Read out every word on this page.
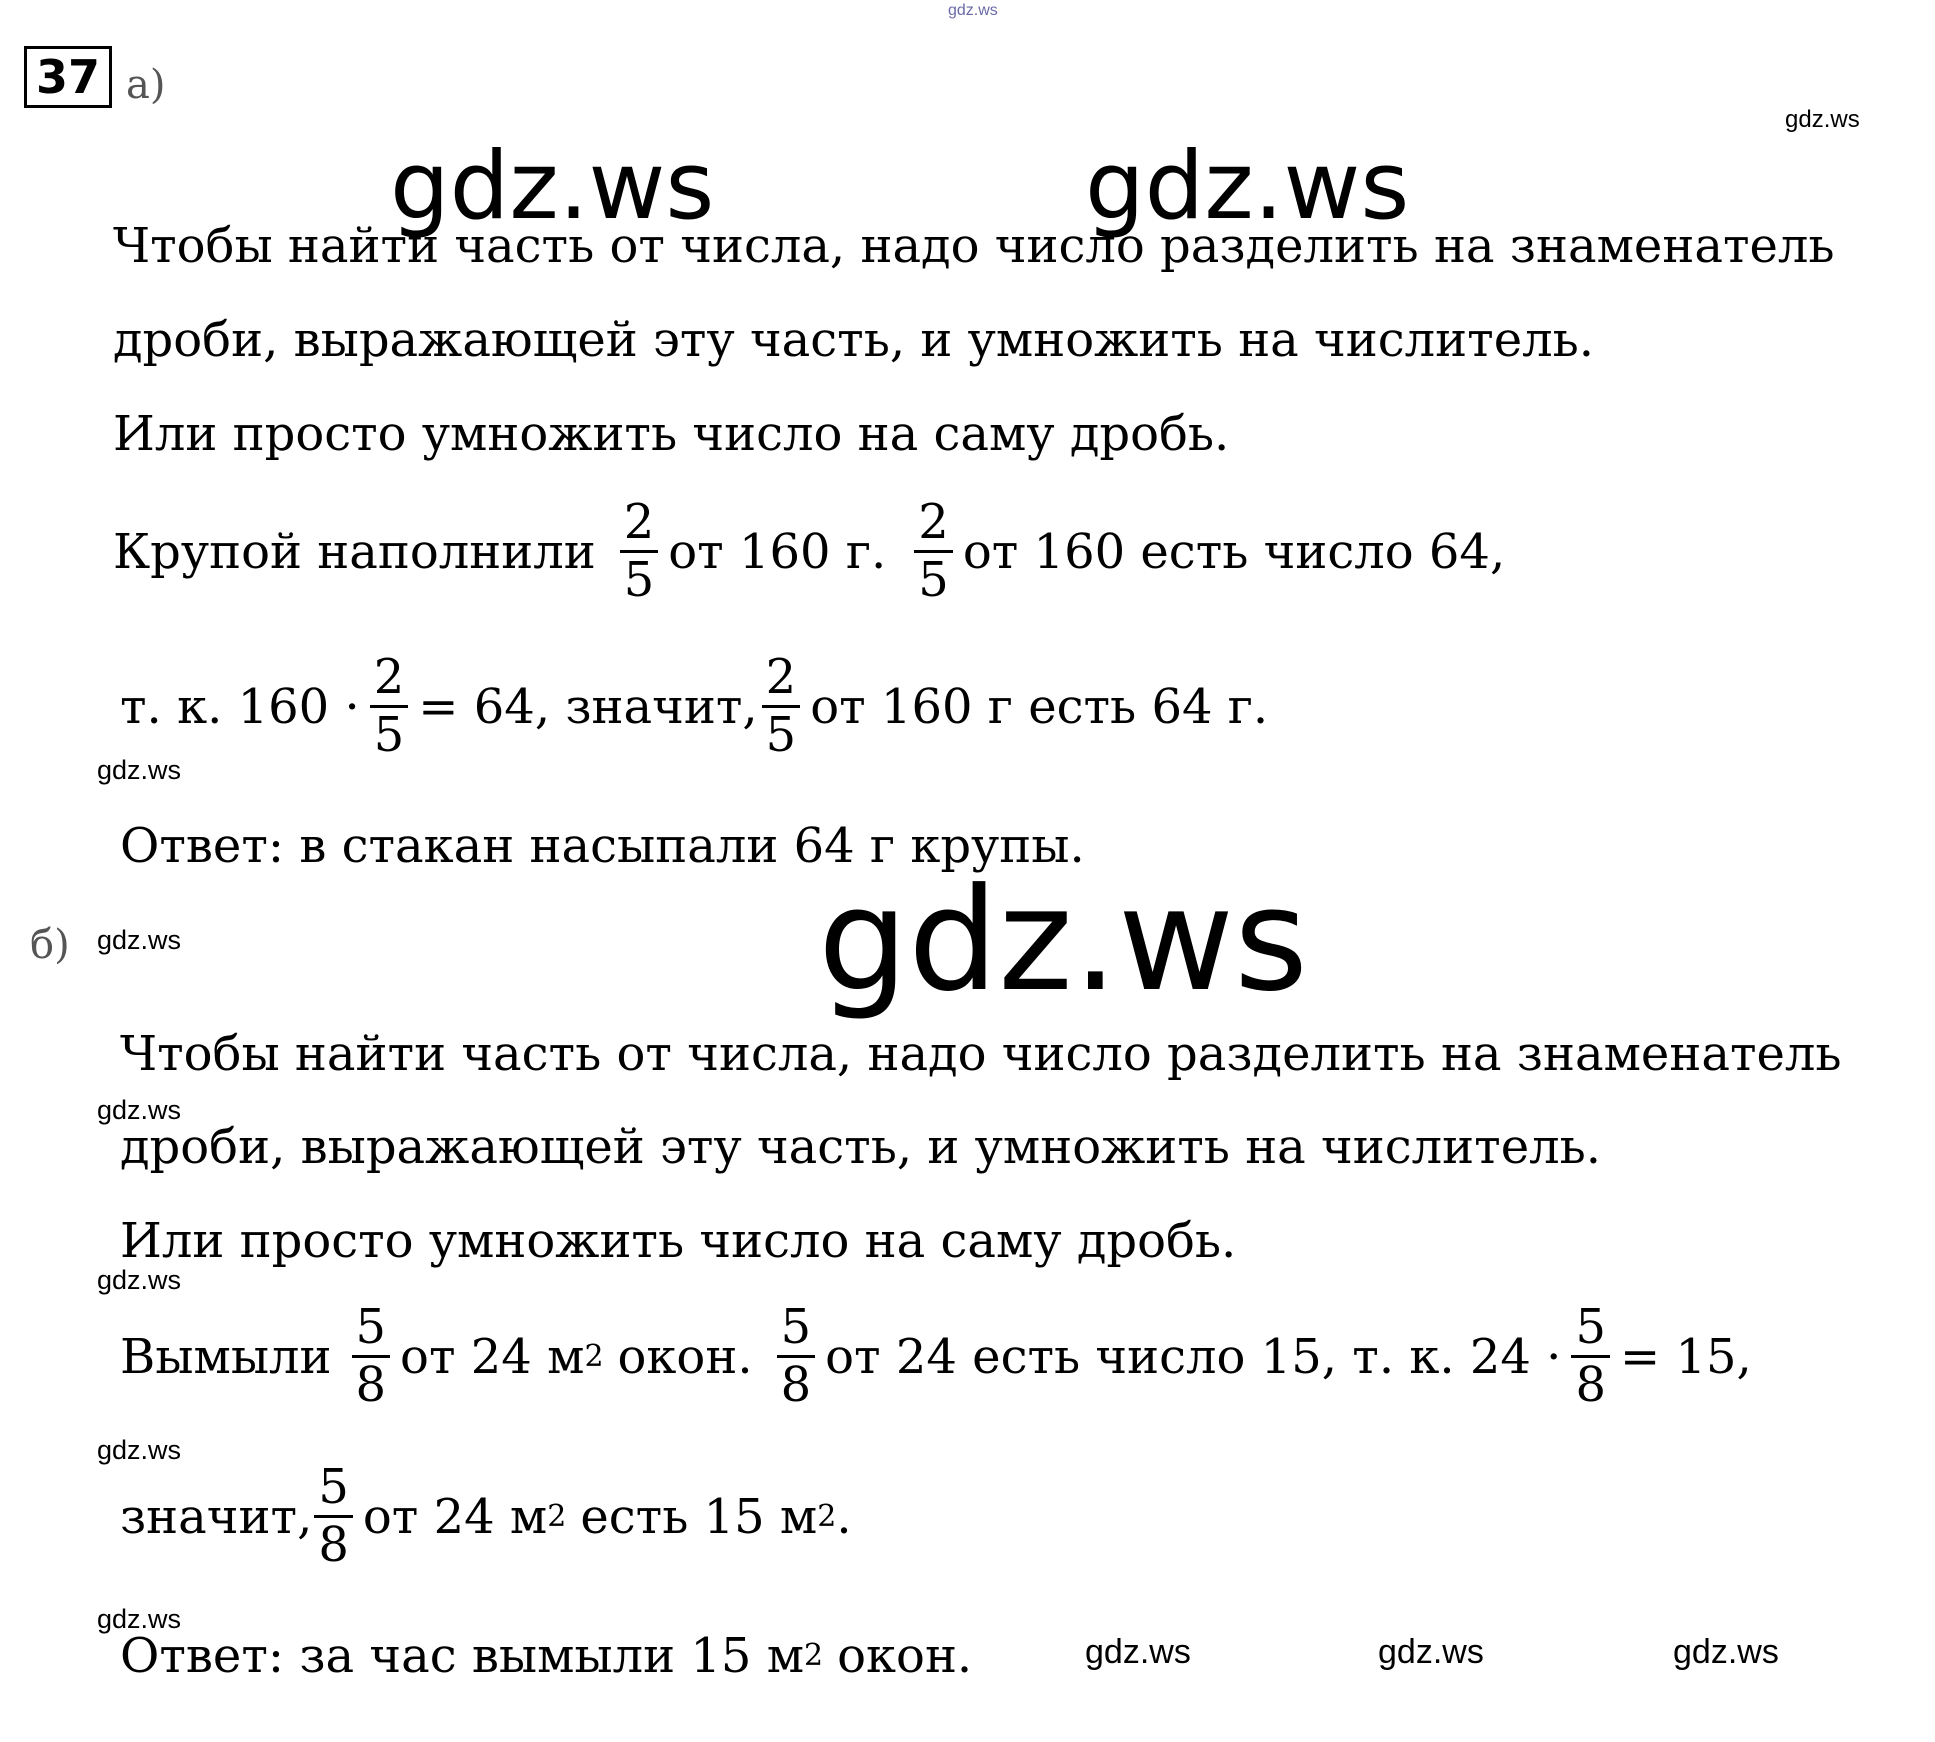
gdz.ws
37 а)
gdz.ws
gdz.ws	gdz.ws
Чтобы найти часть от числа, надо число разделить на знаменатель
дроби, выражающей эту часть, и умножить на числитель.
Или просто умножить число на саму дробь.
Крупой наполнили $\frac{2}{5}$ от 160 г. $\frac{2}{5}$ от 160 есть число 64,
т. к. $160 \cdot \frac{2}{5} = 64$, значит, $\frac{2}{5}$ от 160 г есть 64 г.
gdz.ws
Ответ: в стакан насыпали 64 г крупы.
б) gdz.ws	gdz.ws
Чтобы найти часть от числа, надо число разделить на знаменатель
gdz.ws
дроби, выражающей эту часть, и умножить на числитель.
Или просто умножить число на саму дробь.
gdz.ws
Вымыли $\frac{5}{8}$ от 24 м 2 окон. $\frac{5}{8}$ от 24 есть число 15, т. к. $24 \cdot \frac{5}{8} = 15$,
gdz.ws
значит, $\frac{5}{8}$ от 24 м 2 есть 15 м 2 .
gdz.ws
Ответ: за час вымыли 15 м 2 окон.	gdz.ws	gdz.ws	gdz.ws
